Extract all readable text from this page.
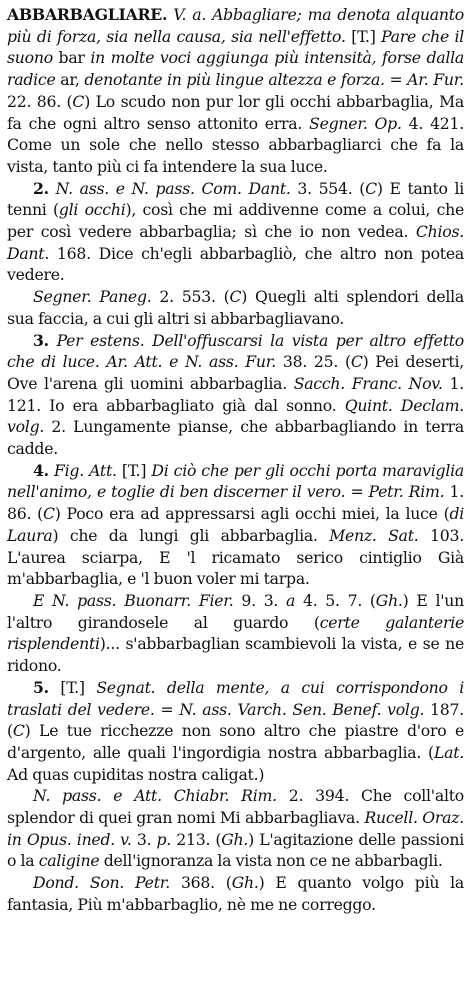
ABBARBAGLIARE. V. a. Abbagliare; ma denota alquanto più di forza, sia nella causa, sia nell'effetto. [T.] Pare che il suono bar in molte voci aggiunga più intensità, forse dalla radice ar, denotante in più lingue altezza e forza. = Ar. Fur. 22. 86. (C) Lo scudo non pur lor gli occhi abbarbaglia, Ma fa che ogni altro senso attonito erra. Segner. Op. 4. 421. Come un sole che nello stesso abbarbagliarci che fa la vista, tanto più ci fa intendere la sua luce.

2. N. ass. e N. pass. Com. Dant. 3. 554. (C) E tanto li tenni (gli occhi), così che mi addivenne come a colui, che per così vedere abbarbaglia; sì che io non vedea. Chios. Dant. 168. Dice ch'egli abbarbagliò, che altro non potea vedere.

Segner. Paneg. 2. 553. (C) Quegli alti splendori della sua faccia, a cui gli altri si abbarbagliavano.

3. Per estens. Dell'offuscarsi la vista per altro effetto che di luce. Ar. Att. e N. ass. Fur. 38. 25. (C) Pei deserti, Ove l'arena gli uomini abbarbaglia. Sacch. Franc. Nov. 1. 121. Io era abbarbagliato già dal sonno. Quint. Declam. volg. 2. Lungamente pianse, che abbarbagliando in terra cadde.

4. Fig. Att. [T.] Di ciò che per gli occhi porta maraviglia nell'animo, e toglie di ben discerner il vero. = Petr. Rim. 1. 86. (C) Poco era ad appressarsi agli occhi miei, la luce (di Laura) che da lungi gli abbarbaglia. Menz. Sat. 103. L'aurea sciarpa, E 'l ricamato serico cintiglio Già m'abbarbaglia, e 'l buon voler mi tarpa.

E N. pass. Buonarr. Fier. 9. 3. a 4. 5. 7. (Gh.) E l'un l'altro girandosele al guardo (certe galanterie risplendenti)... s'abbarbaglian scambievoli la vista, e se ne ridono.

5. [T.] Segnat. della mente, a cui corrispondono i traslati del vedere. = N. ass. Varch. Sen. Benef. volg. 187. (C) Le tue ricchezze non sono altro che piastre d'oro e d'argento, alle quali l'ingordigia nostra abbarbaglia. (Lat. Ad quas cupiditas nostra caligat.)

N. pass. e Att. Chiabr. Rim. 2. 394. Che coll'alto splendor di quei gran nomi Mi abbarbagliava. Rucell. Oraz. in Opus. ined. v. 3. p. 213. (Gh.) L'agitazione delle passioni o la caligine dell'ignoranza la vista non ce ne abbarbagli.

Dond. Son. Petr. 368. (Gh.) E quanto volgo più la fantasia, Più m'abbarbaglio, nè me ne correggo.
